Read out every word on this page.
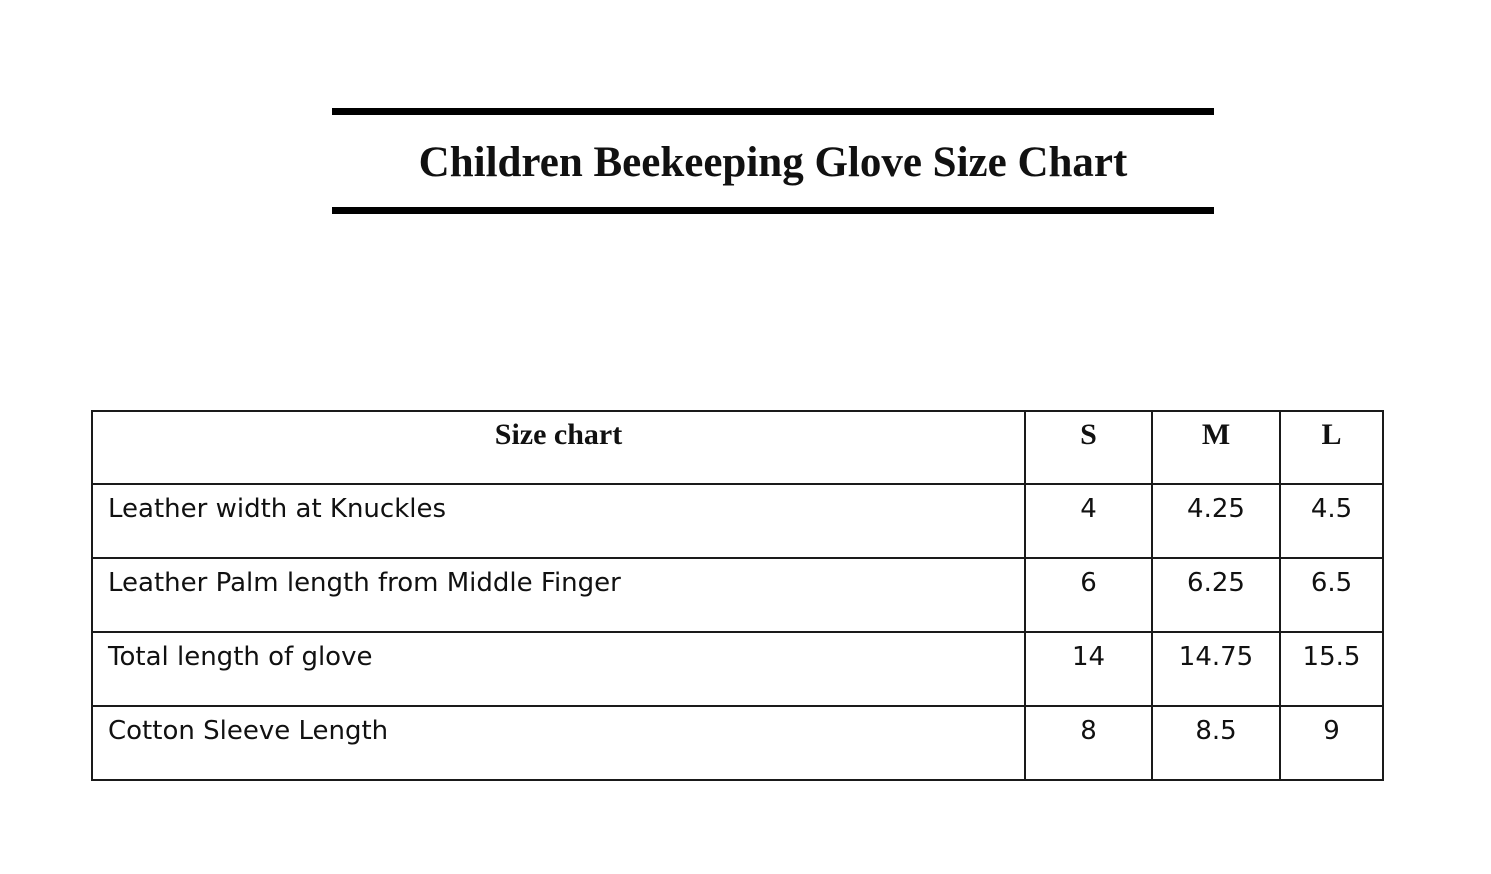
Children Beekeeping Glove Size Chart
Size chart	S	M	L
Leather width at Knuckles	4	4.25	4.5
Leather Palm length from Middle Finger	6	6.25	6.5
Total length of glove	14	14.75	15.5
Cotton Sleeve Length	8	8.5	9
